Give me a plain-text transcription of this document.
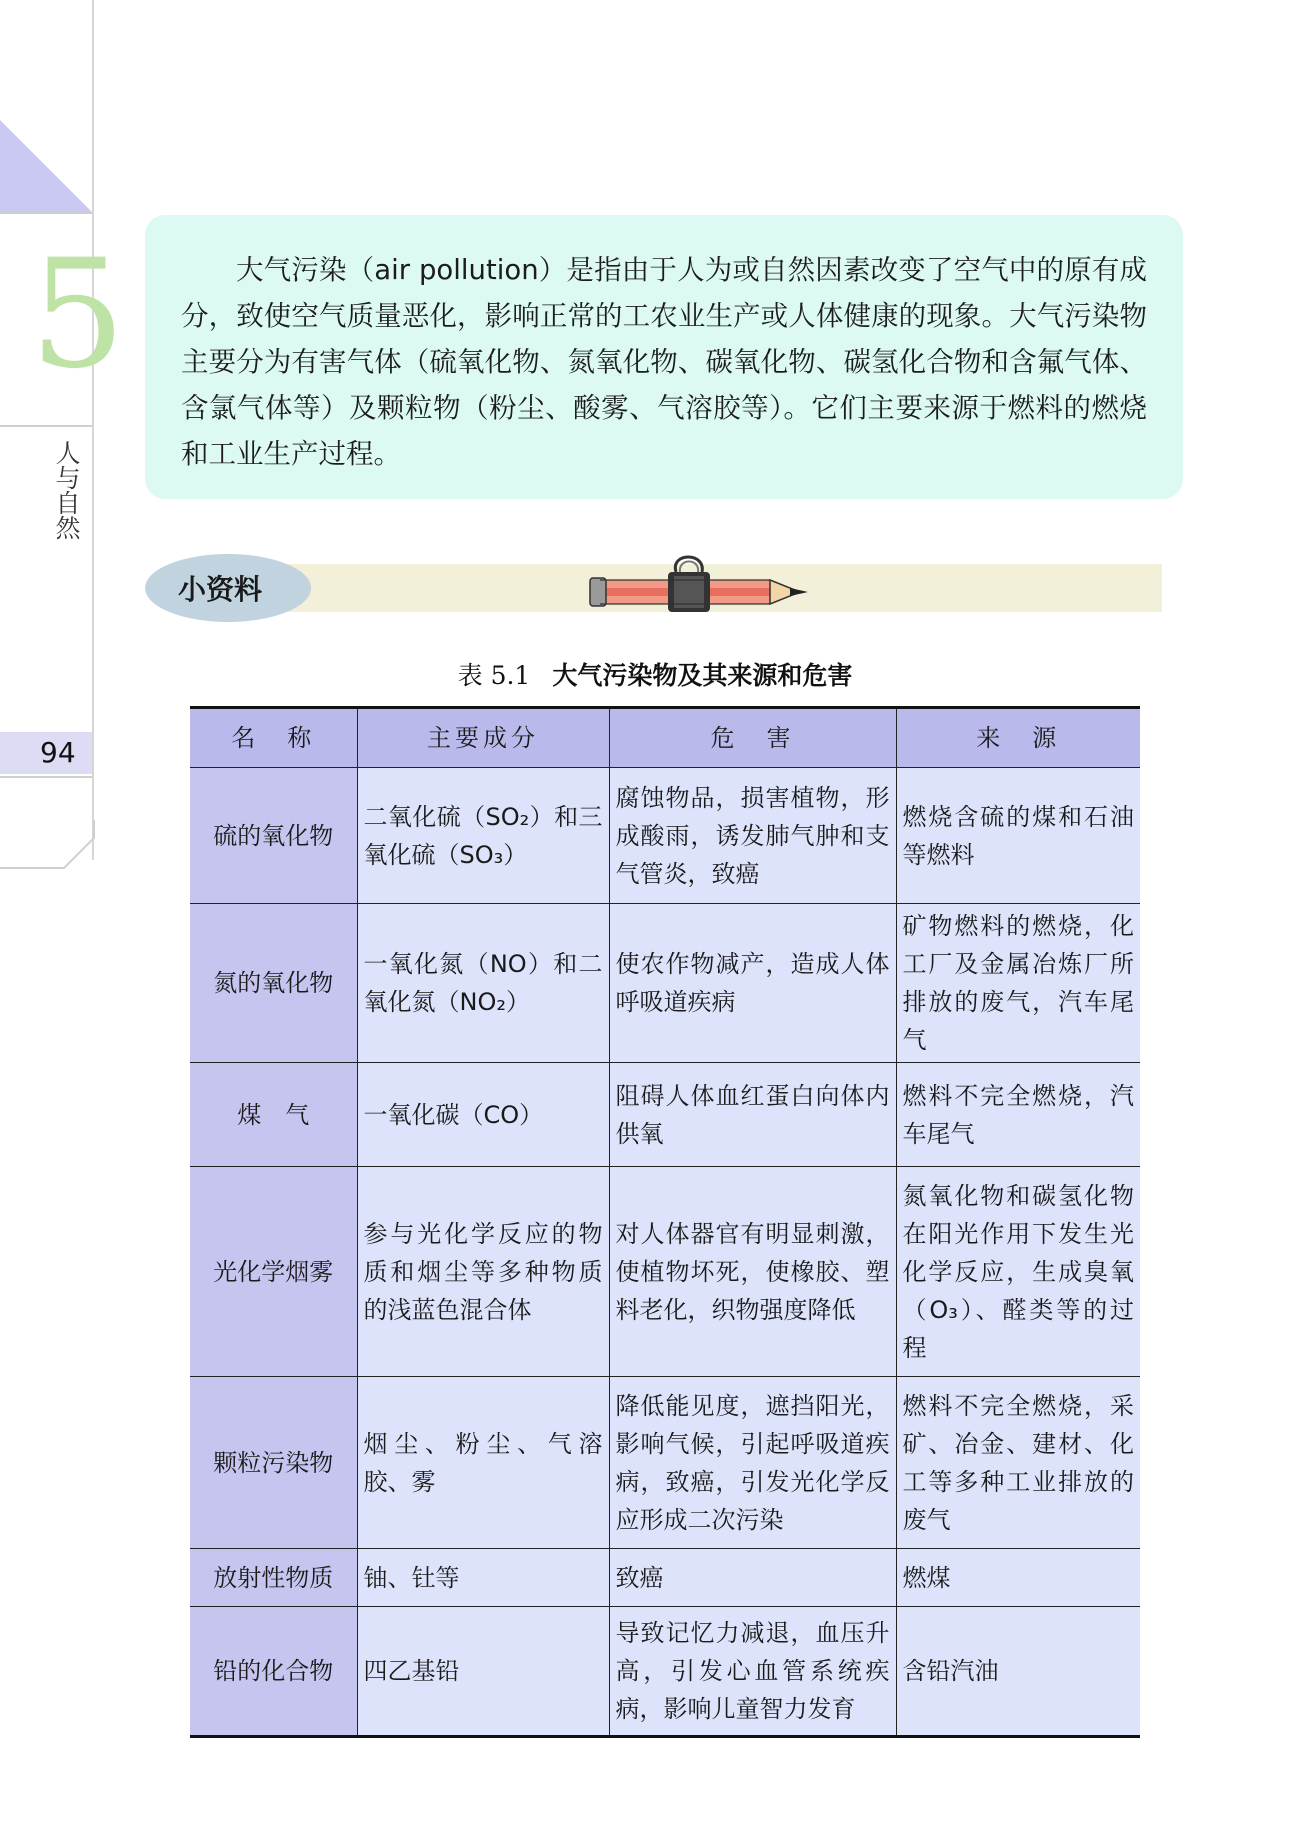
5
人与自然
94

大气污染（air pollution）是指由于人为或自然因素改变了空气中的原有成分，致使空气质量恶化，影响正常的工农业生产或人体健康的现象。大气污染物主要分为有害气体（硫氧化物、氮氧化物、碳氧化物、碳氢化合物和含氟气体、含氯气体等）及颗粒物（粉尘、酸雾、气溶胶等）。它们主要来源于燃料的燃烧和工业生产过程。

小资料
表 5.1 大气污染物及其来源和危害
名　称	主要成分	危　害	来　源
硫的氧化物	二氧化硫（SO₂）和三氧化硫（SO₃）	腐蚀物品，损害植物，形成酸雨，诱发肺气肿和支气管炎，致癌	燃烧含硫的煤和石油等燃料
氮的氧化物	一氧化氮（NO）和二氧化氮（NO₂）	使农作物减产，造成人体呼吸道疾病	矿物燃料的燃烧，化工厂及金属冶炼厂所排放的废气，汽车尾气
煤　气	一氧化碳（CO）	阻碍人体血红蛋白向体内供氧	燃料不完全燃烧，汽车尾气
光化学烟雾	参与光化学反应的物质和烟尘等多种物质的浅蓝色混合体	对人体器官有明显刺激，使植物坏死，使橡胶、塑料老化，织物强度降低	氮氧化物和碳氢化物在阳光作用下发生光化学反应，生成臭氧（O₃）、醛类等的过程
颗粒污染物	烟尘、粉尘、气溶胶、雾	降低能见度，遮挡阳光，影响气候，引起呼吸道疾病，致癌，引发光化学反应形成二次污染	燃料不完全燃烧，采矿、冶金、建材、化工等多种工业排放的废气
放射性物质	铀、钍等	致癌	燃煤
铅的化合物	四乙基铅	导致记忆力减退，血压升高，引发心血管系统疾病，影响儿童智力发育	含铅汽油
